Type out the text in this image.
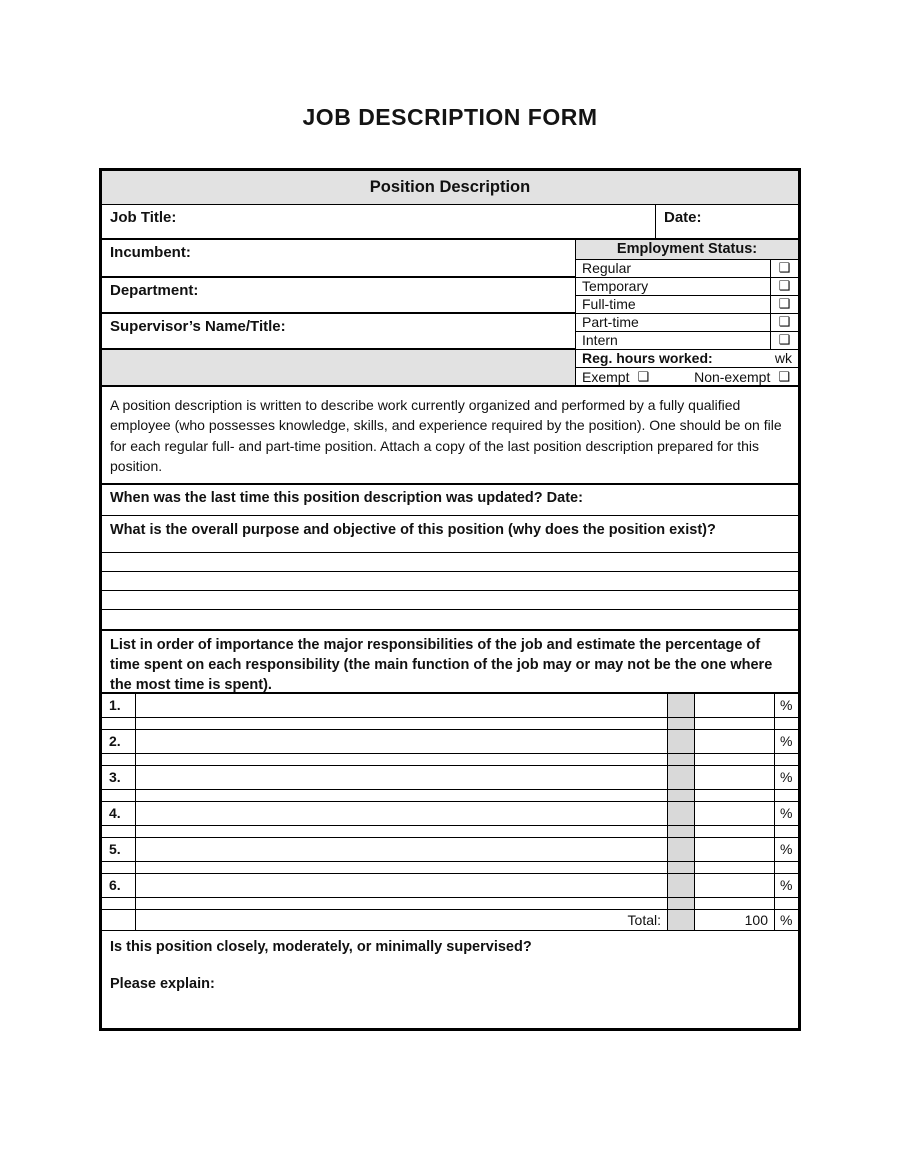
JOB DESCRIPTION FORM
Position Description
Job Title:	Date:
Incumbent:
Department:
Supervisor’s Name/Title:
Employment Status:
Regular	❑
Temporary	❑
Full-time	❑
Part-time	❑
Intern	❑
Reg. hours worked:	wk
Exempt ❑	Non-exempt ❑
A position description is written to describe work currently organized and performed by a fully qualified employee (who possesses knowledge, skills, and experience required by the position). One should be on file for each regular full- and part-time position. Attach a copy of the last position description prepared for this position.
When was the last time this position description was updated? Date:
What is the overall purpose and objective of this position (why does the position exist)?
List in order of importance the major responsibilities of the job and estimate the percentage of time spent on each responsibility (the main function of the job may or may not be the one where the most time is spent).
1.	%
2.	%
3.	%
4.	%
5.	%
6.	%
Total:	100 %
Is this position closely, moderately, or minimally supervised?
Please explain:
